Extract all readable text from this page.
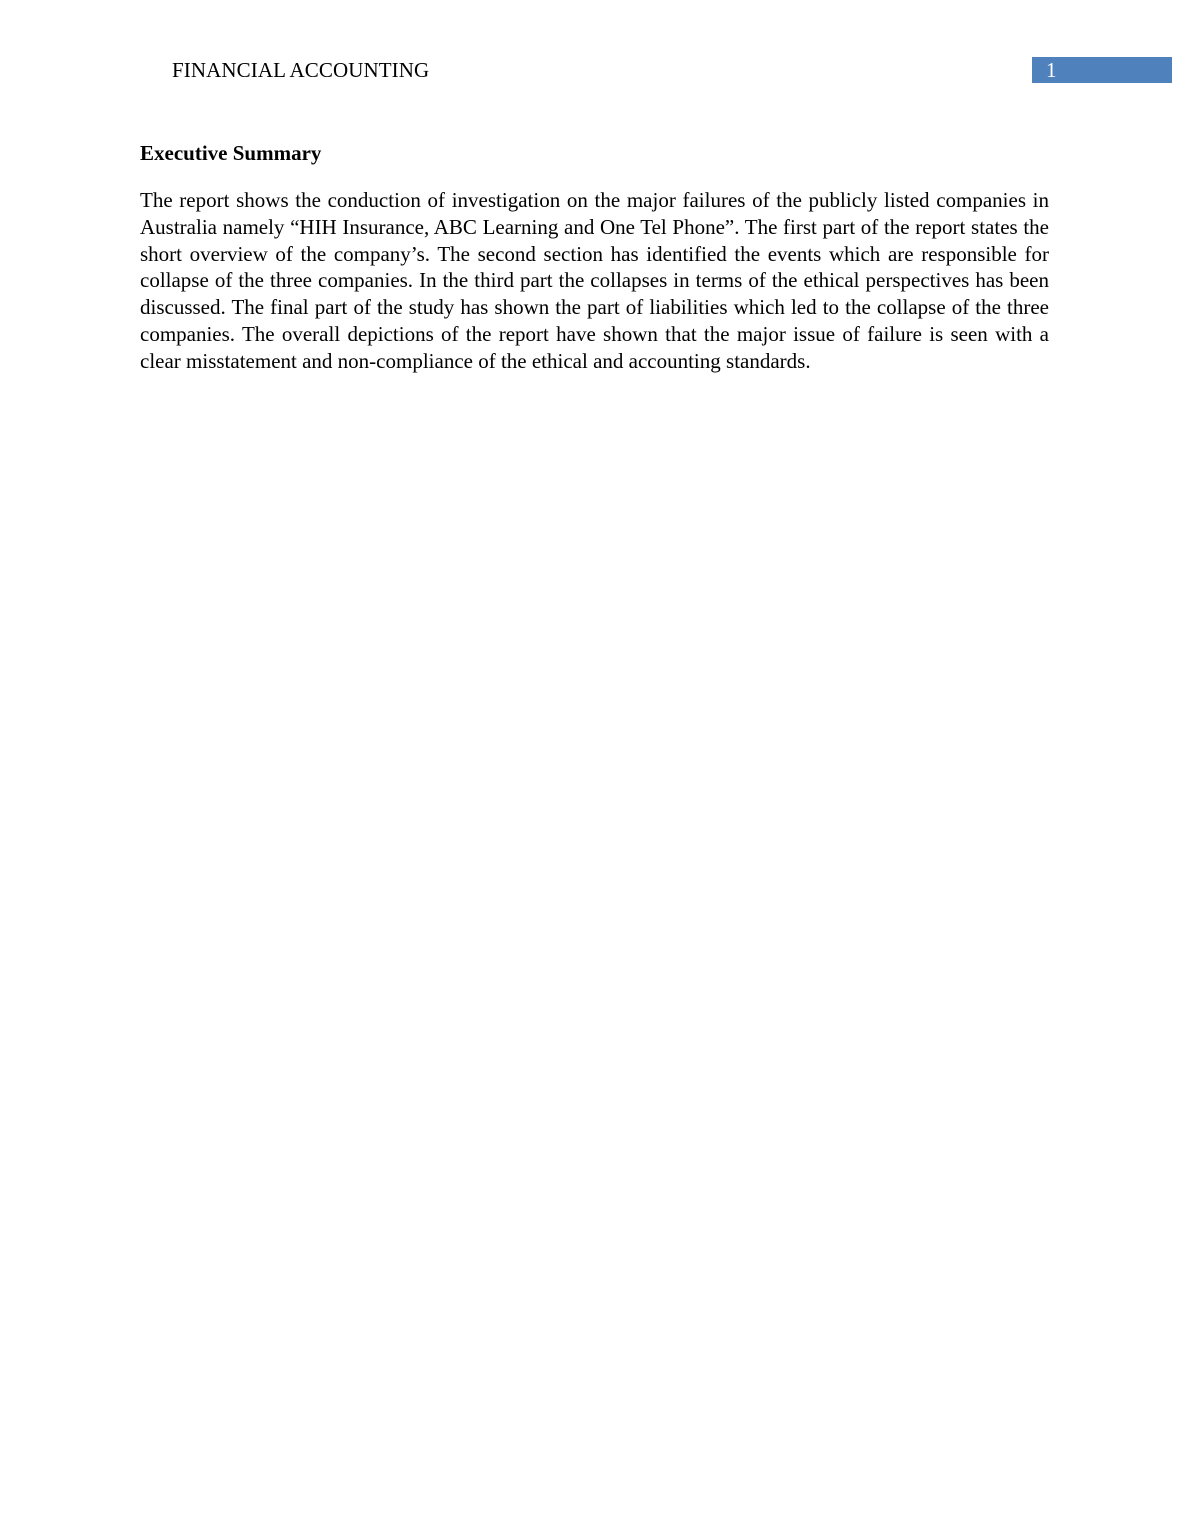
FINANCIAL ACCOUNTING	1
Executive Summary

The report shows the conduction of investigation on the major failures of the publicly listed companies in Australia namely “HIH Insurance, ABC Learning and One Tel Phone”. The first part of the report states the short overview of the company’s. The second section has identified the events which are responsible for collapse of the three companies. In the third part the collapses in terms of the ethical perspectives has been discussed. The final part of the study has shown the part of liabilities which led to the collapse of the three companies. The overall depictions of the report have shown that the major issue of failure is seen with a clear misstatement and non-compliance of the ethical and accounting standards.
